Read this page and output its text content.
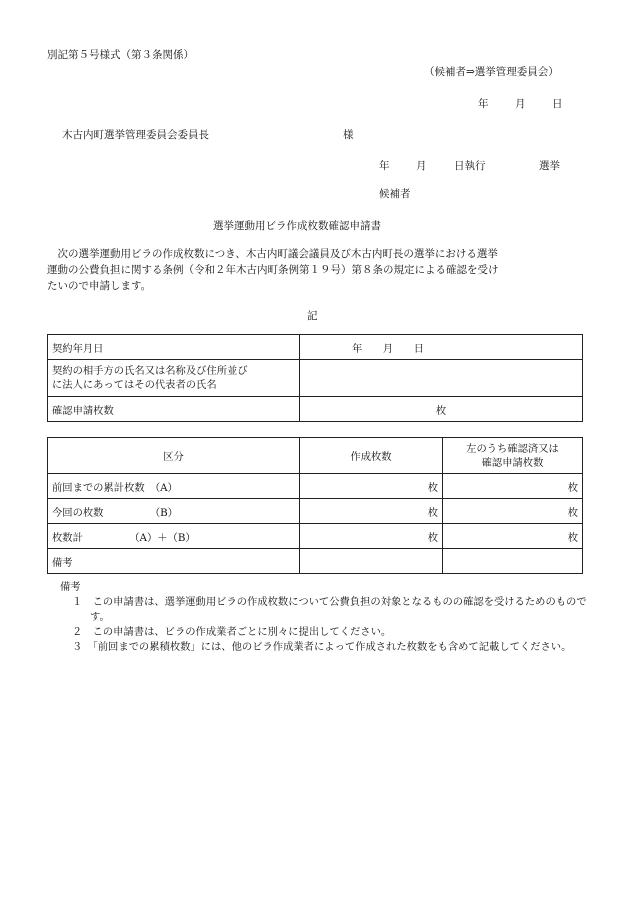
別記第５号様式（第３条関係）
（候補者⇒選挙管理委員会）
年	月	日
木古内町選挙管理委員会委員長	様
年	月	日執行	選挙
候補者
選挙運動用ビラ作成枚数確認申請書
　次の選挙運動用ビラの作成枚数につき、木古内町議会議員及び木古内町長の選挙における選挙
運動の公費負担に関する条例（令和２年木古内町条例第１９号）第８条の規定による確認を受け
たいので申請します。
記
契約年月日	年　　月　　日

契約の相手方の氏名又は名称及び住所並び
に法人にあってはその代表者の氏名	

確認申請枚数	枚
区分	作成枚数	左のうち確認済又は
確認申請枚数

前回までの累計枚数　（A）	枚	枚
今回の枚数　　　　　（B）	枚	枚
枚数計　　　　　（A）＋（B）	枚	枚
備考		
備考
１　この申請書は、選挙運動用ビラの作成枚数について公費負担の対象となるものの確認を受けるためのものです。
２　この申請書は、ビラの作成業者ごとに別々に提出してください。
３　「前回までの累積枚数」には、他のビラ作成業者によって作成された枚数をも含めて記載してください。
